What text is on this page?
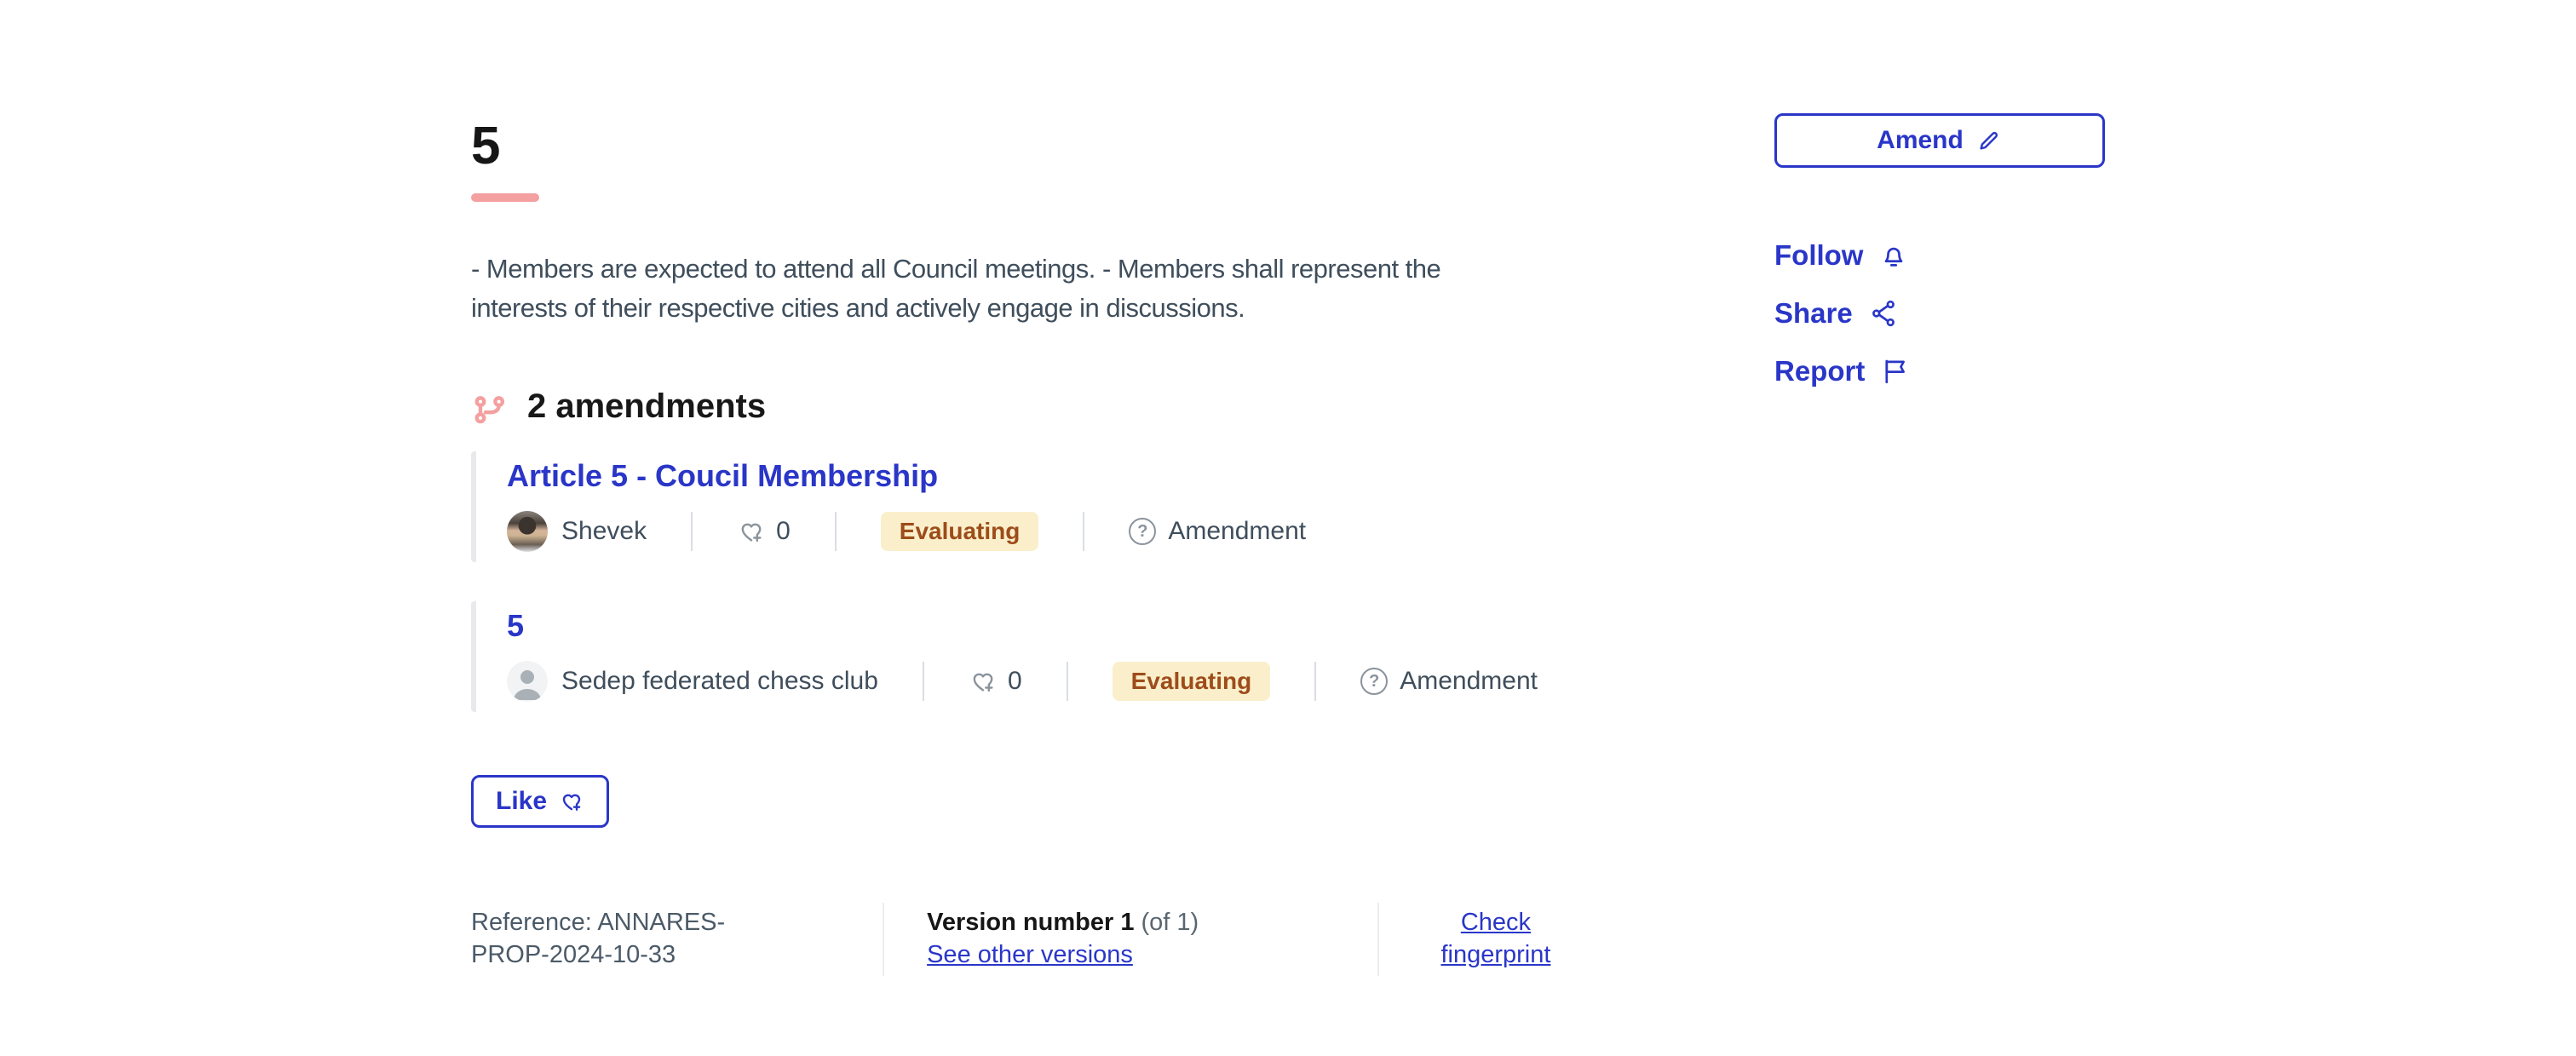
5
- Members are expected to attend all Council meetings. - Members shall represent the
interests of their respective cities and actively engage in discussions.
2 amendments
Article 5 - Coucil Membership
Shevek	0	Evaluating ?	Amendment
5
Sedep federated chess club	0	Evaluating ?	Amendment
Like
Reference: ANNARES-PROP-2024-10-33
Version number 1 (of 1)
See other versions
Check fingerprint
Amend
Follow
Share
Report
